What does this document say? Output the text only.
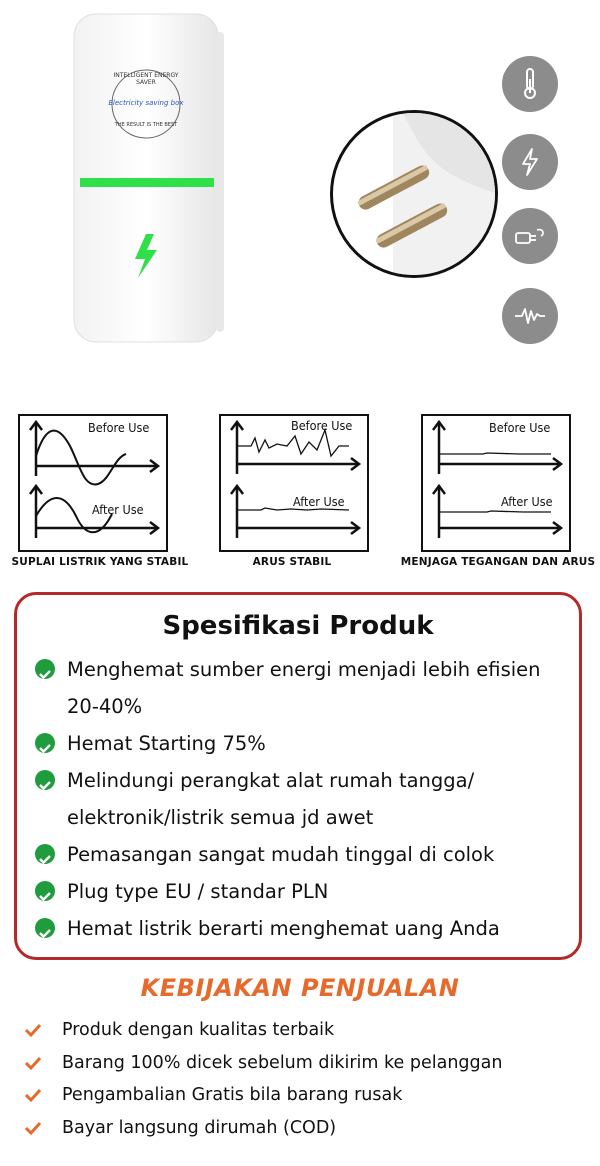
INTELLIGENT ENERGY SAVER
Electricity saving box
THE RESULT IS THE BEST
Before Use
After Use
SUPLAI LISTRIK YANG STABIL
Before Use
After Use
ARUS STABIL
Before Use
After Use
MENJAGA TEGANGAN DAN ARUS
Spesifikasi Produk
Menghemat sumber energi menjadi lebih efisien 20-40%
Hemat Starting 75%
Melindungi perangkat alat rumah tangga/ elektronik/listrik semua jd awet
Pemasangan sangat mudah tinggal di colok
Plug type EU / standar PLN
Hemat listrik berarti menghemat uang Anda
KEBIJAKAN PENJUALAN
Produk dengan kualitas terbaik
Barang 100% dicek sebelum dikirim ke pelanggan
Pengambalian Gratis bila barang rusak
Bayar langsung dirumah (COD)
